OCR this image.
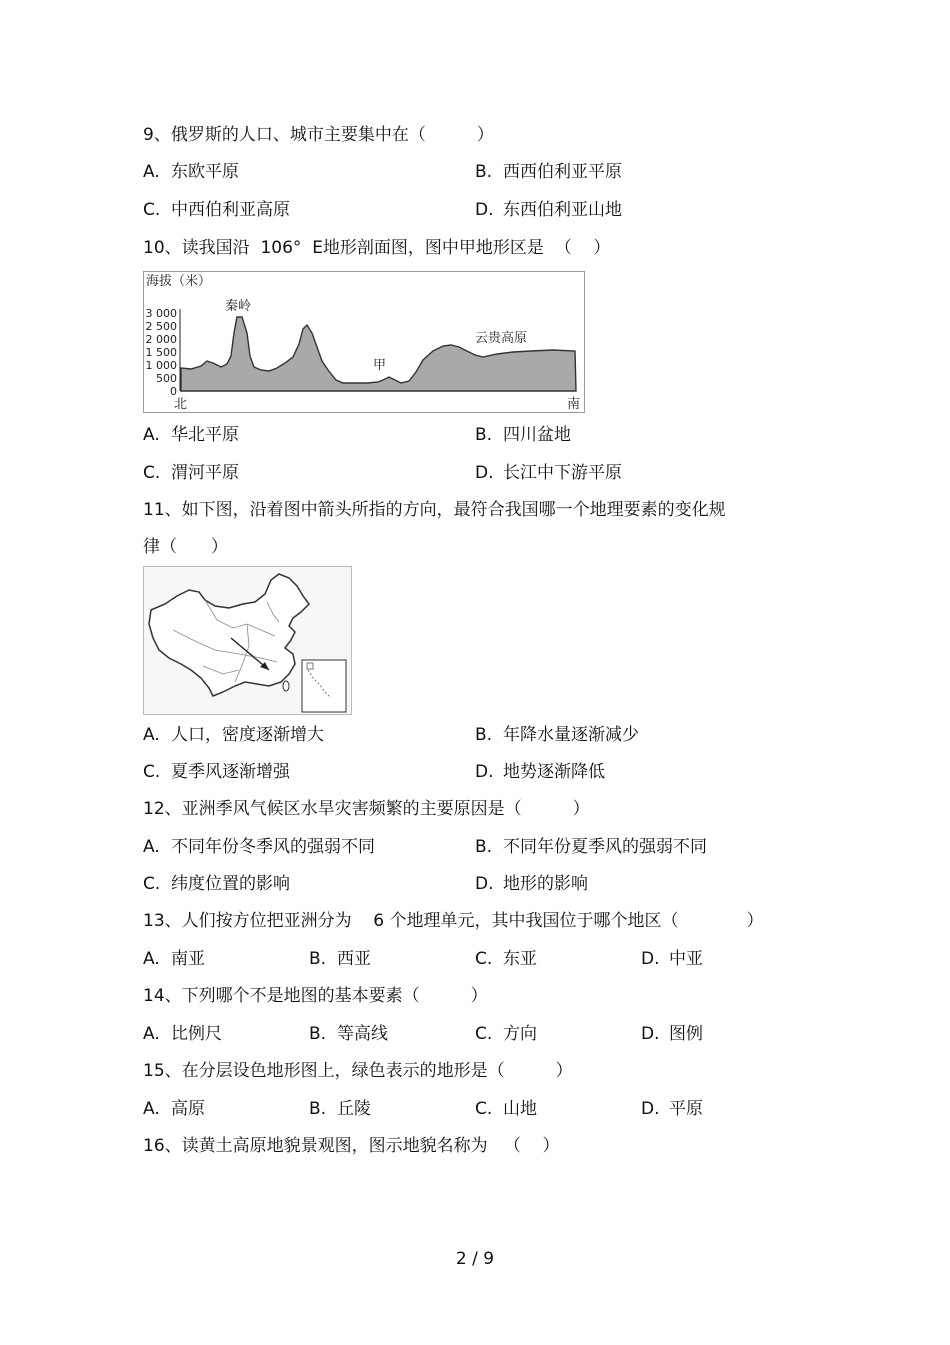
9、俄罗斯的人口、城市主要集中在（　　　）
A. 东欧平原	B. 西西伯利亚平原
C. 中西伯利亚高原	D. 东西伯利亚山地
10、读我国沿  106°  E地形剖面图，图中甲地形区是  （    ）
海拔（米）
3 000
2 500
2 000
1 500
1 000
500
0
秦岭
甲
云贵高原
北	南
A. 华北平原	B. 四川盆地
C. 渭河平原	D. 长江中下游平原
11、如下图，沿着图中箭头所指的方向，最符合我国哪一个地理要素的变化规
律（　　）
A. 人口，密度逐渐增大	B. 年降水量逐渐减少
C. 夏季风逐渐增强	D. 地势逐渐降低
12、亚洲季风气候区水旱灾害频繁的主要原因是（　　　）
A. 不同年份冬季风的强弱不同	B. 不同年份夏季风的强弱不同
C. 纬度位置的影响	D. 地形的影响
13、人们按方位把亚洲分为    6 个地理单元，其中我国位于哪个地区（　　　　）
A. 南亚	B. 西亚	C. 东亚	D. 中亚
14、下列哪个不是地图的基本要素（　　　）
A. 比例尺	B. 等高线	C. 方向	D. 图例
15、在分层设色地形图上，绿色表示的地形是（　　　）
A. 高原	B. 丘陵	C. 山地	D. 平原
16、读黄土高原地貌景观图，图示地貌名称为   （    ）
2 / 9
